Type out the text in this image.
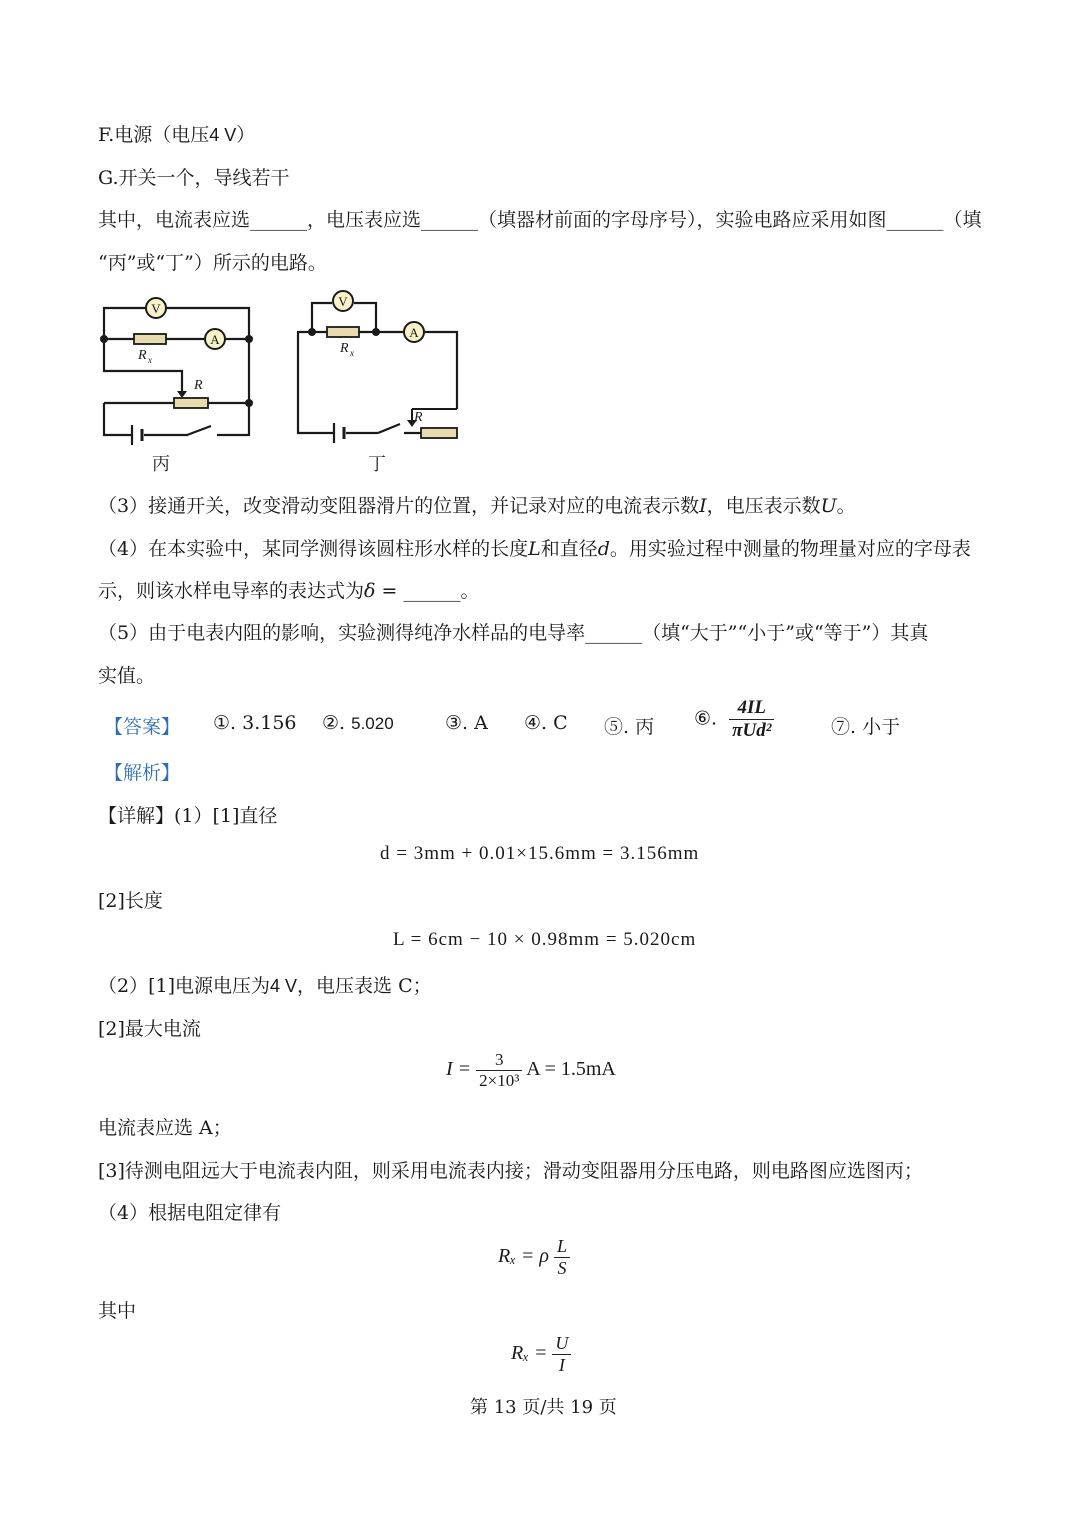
F.电源（电压4 V）
G.开关一个，导线若干
其中，电流表应选______，电压表应选______（填器材前面的字母序号），实验电路应采用如图______（填
“丙”或“丁”）所示的电路。
V
A
V
A
R x
R
R x
R
丙	丁
（3）接通开关，改变滑动变阻器滑片的位置，并记录对应的电流表示数I，电压表示数U。
（4）在本实验中，某同学测得该圆柱形水样的长度L和直径d。用实验过程中测量的物理量对应的字母表
示，则该水样电导率的表达式为δ = ______。
（5）由于电表内阻的影响，实验测得纯净水样品的电导率______（填“大于”“小于”或“等于”）其真
实值。
【答案】 ①. 3.156 ②. 5.020	③. A ④. C ⑤. 丙 ⑥. $\frac{4IL}{\text{πUd²}}$	⑦. 小于
【解析】
【详解】(1）[1]直径
d = 3mm + 0.01×15.6mm = 3.156mm
[2]长度
L = 6cm − 10 × 0.98mm = 5.020cm
（2）[1]电源电压为4 V，电压表选 C；
[2]最大电流
$I = \frac{3}{\text{2×10³}}$ A = 1.5mA
电流表应选 A；
[3]待测电阻远大于电流表内阻，则采用电流表内接；滑动变阻器用分压电路，则电路图应选图丙；
（4）根据电阻定律有
Rₓ = ρ $\frac{L}{S}$
其中
$R_x = \frac{U}{I}$
第 13 页/共 19 页
